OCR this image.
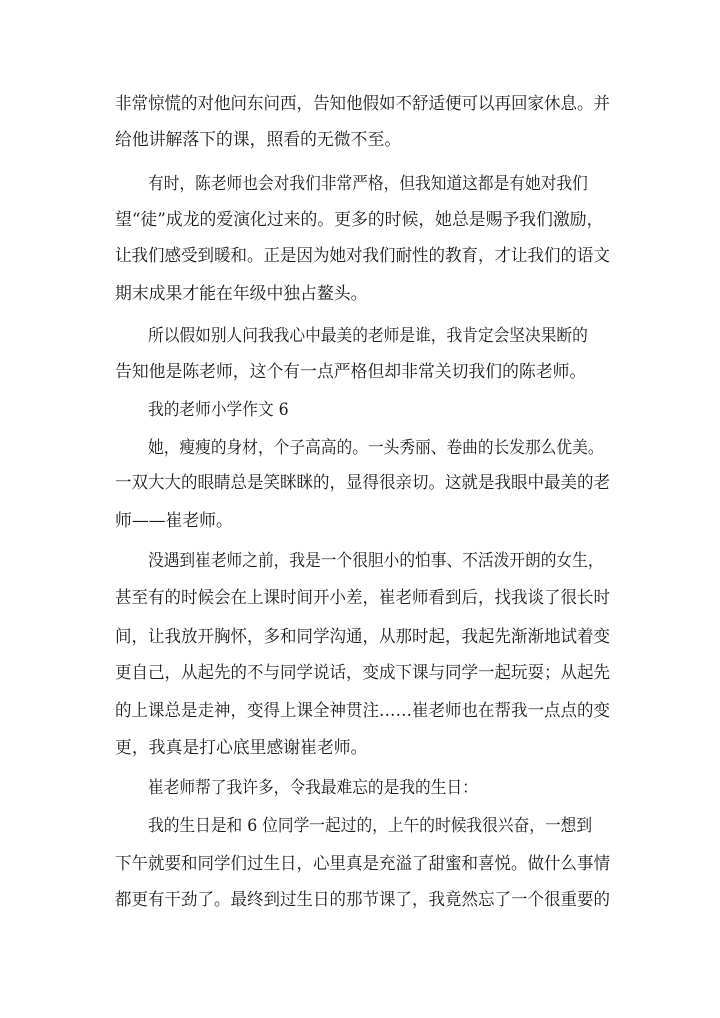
非常惊慌的对他问东问西，告知他假如不舒适便可以再回家休息。并
给他讲解落下的课，照看的无微不至。
有时，陈老师也会对我们非常严格，但我知道这都是有她对我们
望“徒”成龙的爱演化过来的。更多的时候，她总是赐予我们激励，
让我们感受到暖和。正是因为她对我们耐性的教育，才让我们的语文
期末成果才能在年级中独占鳌头。
所以假如别人问我我心中最美的老师是谁，我肯定会坚决果断的
告知他是陈老师，这个有一点严格但却非常关切我们的陈老师。
我的老师小学作文 6
她，瘦瘦的身材，个子高高的。一头秀丽、卷曲的长发那么优美。
一双大大的眼睛总是笑眯眯的，显得很亲切。这就是我眼中最美的老
师——崔老师。
没遇到崔老师之前，我是一个很胆小的怕事、不活泼开朗的女生，
甚至有的时候会在上课时间开小差，崔老师看到后，找我谈了很长时
间，让我放开胸怀，多和同学沟通，从那时起，我起先渐渐地试着变
更自己，从起先的不与同学说话，变成下课与同学一起玩耍；从起先
的上课总是走神，变得上课全神贯注……崔老师也在帮我一点点的变
更，我真是打心底里感谢崔老师。
崔老师帮了我许多，令我最难忘的是我的生日：
我的生日是和 6 位同学一起过的，上午的时候我很兴奋，一想到
下午就要和同学们过生日，心里真是充溢了甜蜜和喜悦。做什么事情
都更有干劲了。最终到过生日的那节课了，我竟然忘了一个很重要的
